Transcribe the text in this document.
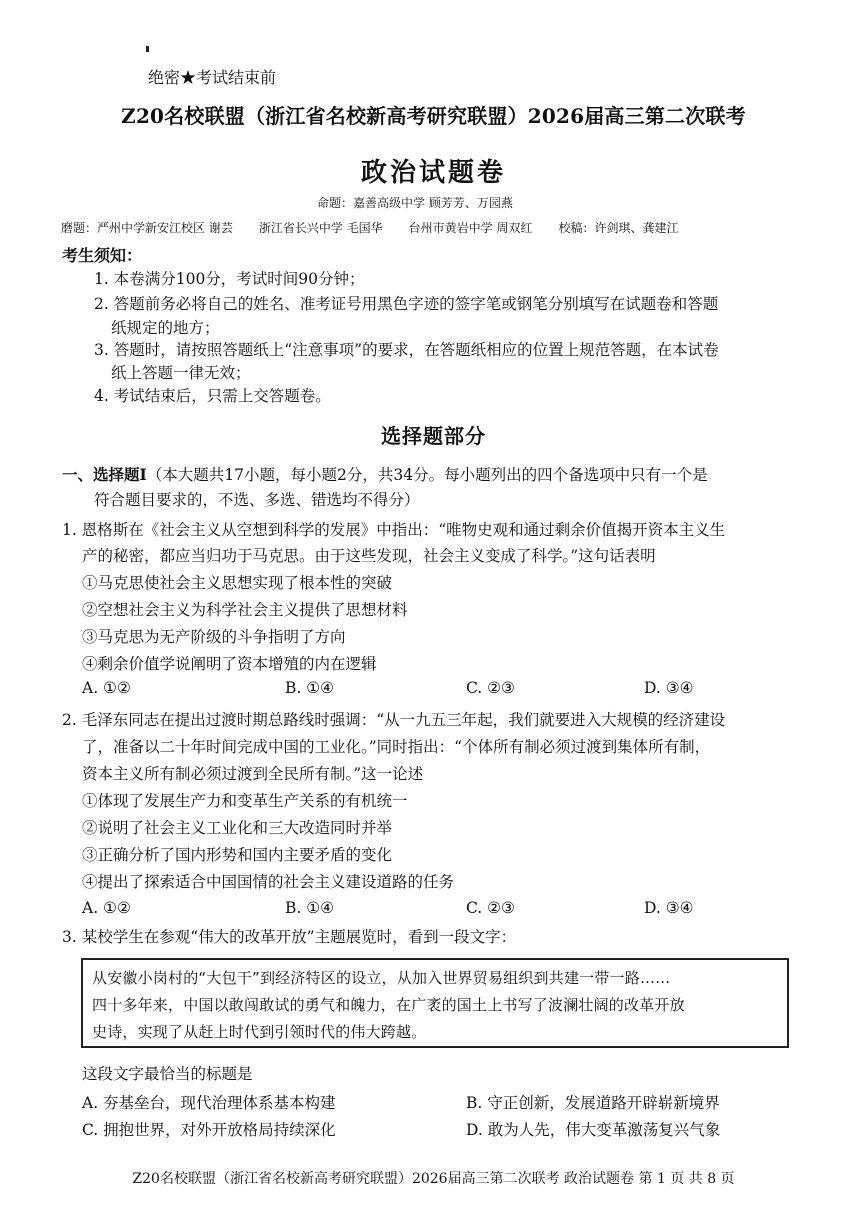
绝密★考试结束前
Z20名校联盟（浙江省名校新高考研究联盟）2026届高三第二次联考
政治试题卷
命题：嘉善高级中学 顾芳芳、万园燕
磨题：严州中学新安江校区 谢芸 浙江省长兴中学 毛国华 台州市黄岩中学 周双红 校稿：许剑琪、龚建江
考生须知：
1. 本卷满分100分，考试时间90分钟；
2. 答题前务必将自己的姓名、准考证号用黑色字迹的签字笔或钢笔分别填写在试题卷和答题
纸规定的地方；
3. 答题时，请按照答题纸上“注意事项”的要求，在答题纸相应的位置上规范答题，在本试卷
纸上答题一律无效；
4. 考试结束后，只需上交答题卷。
选择题部分
一、选择题Ⅰ（本大题共17小题，每小题2分，共34分。每小题列出的四个备选项中只有一个是
符合题目要求的，不选、多选、错选均不得分）
1. 恩格斯在《社会主义从空想到科学的发展》中指出：“唯物史观和通过剩余价值揭开资本主义生
产的秘密，都应当归功于马克思。由于这些发现，社会主义变成了科学。”这句话表明
①马克思使社会主义思想实现了根本性的突破
②空想社会主义为科学社会主义提供了思想材料
③马克思为无产阶级的斗争指明了方向
④剩余价值学说阐明了资本增殖的内在逻辑
A. ①②	B. ①④	C. ②③	D. ③④
2. 毛泽东同志在提出过渡时期总路线时强调：“从一九五三年起，我们就要进入大规模的经济建设
了，准备以二十年时间完成中国的工业化。”同时指出：“个体所有制必须过渡到集体所有制，
资本主义所有制必须过渡到全民所有制。”这一论述
①体现了发展生产力和变革生产关系的有机统一
②说明了社会主义工业化和三大改造同时并举
③正确分析了国内形势和国内主要矛盾的变化
④提出了探索适合中国国情的社会主义建设道路的任务
A. ①②	B. ①④	C. ②③	D. ③④
3. 某校学生在参观“伟大的改革开放”主题展览时，看到一段文字：
从安徽小岗村的“大包干”到经济特区的设立，从加入世界贸易组织到共建一带一路……
四十多年来，中国以敢闯敢试的勇气和魄力，在广袤的国土上书写了波澜壮阔的改革开放
史诗，实现了从赶上时代到引领时代的伟大跨越。
这段文字最恰当的标题是
A. 夯基垒台，现代治理体系基本构建	B. 守正创新，发展道路开辟崭新境界
C. 拥抱世界，对外开放格局持续深化	D. 敢为人先，伟大变革激荡复兴气象
Z20名校联盟（浙江省名校新高考研究联盟）2026届高三第二次联考 政治试题卷 第 1 页 共 8 页
